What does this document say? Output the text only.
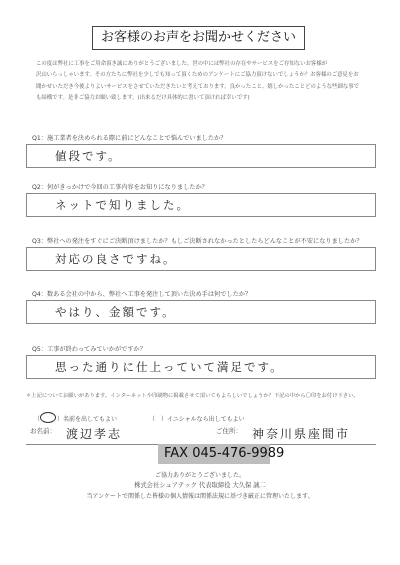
お客様のお声をお聞かせください
この度は弊社に工事をご用命頂き誠にありがとうございました。世の中には弊社の存在やサービスをご存知ないお客様が
沢山いらっしゃいます。その方たちに弊社を少しでも知って頂くためのアンケートにご協力頂けないでしょうか？お客様のご意見をお
聞かせいただき今後よりよいサービスをさせていただきたいと考えております。良かったこと、嬉しかったことどのような些細な事で
も結構です。是非ご協力お願い致します。(出来るだけ具体的に書いて頂ければ幸いです)
Q1：施工業者を決められる際に前にどんなことで悩んでいましたか？
値段です。
Q2：何がきっかけで今回の工事内容をお知りになりましたか？
ネットで知りました。
Q3：弊社への発注をすぐにご決断頂けましたか？もしご決断されなかったとしたらどんなことが不安になりましたか？
対応の良さですね。
Q4：数ある会社の中から、弊社へ工事を発注して頂いた決め手は何でしたか？
やはり、金額です。
Q5：工事が終わってみていかがですか？
思った通りに仕上っていて満足です。
＊上記についてお願いがあります。インターネットや印刷物に掲載させて頂いてもよろしいでしょうか？下記の中から〇印をお付け下さい。
（	）名前を出してもよい	（　）イニシャルなら出してもよい
お名前： 渡辺孝志	ご住所： 神奈川県座間市
FAX 045-476-9989
ご協力ありがとうございました。
株式会社シュアテック 代表取締役 大久保 誠二
当アンケートで関係した皆様の個人情報は関係法規に基づき厳正に管理いたします。
